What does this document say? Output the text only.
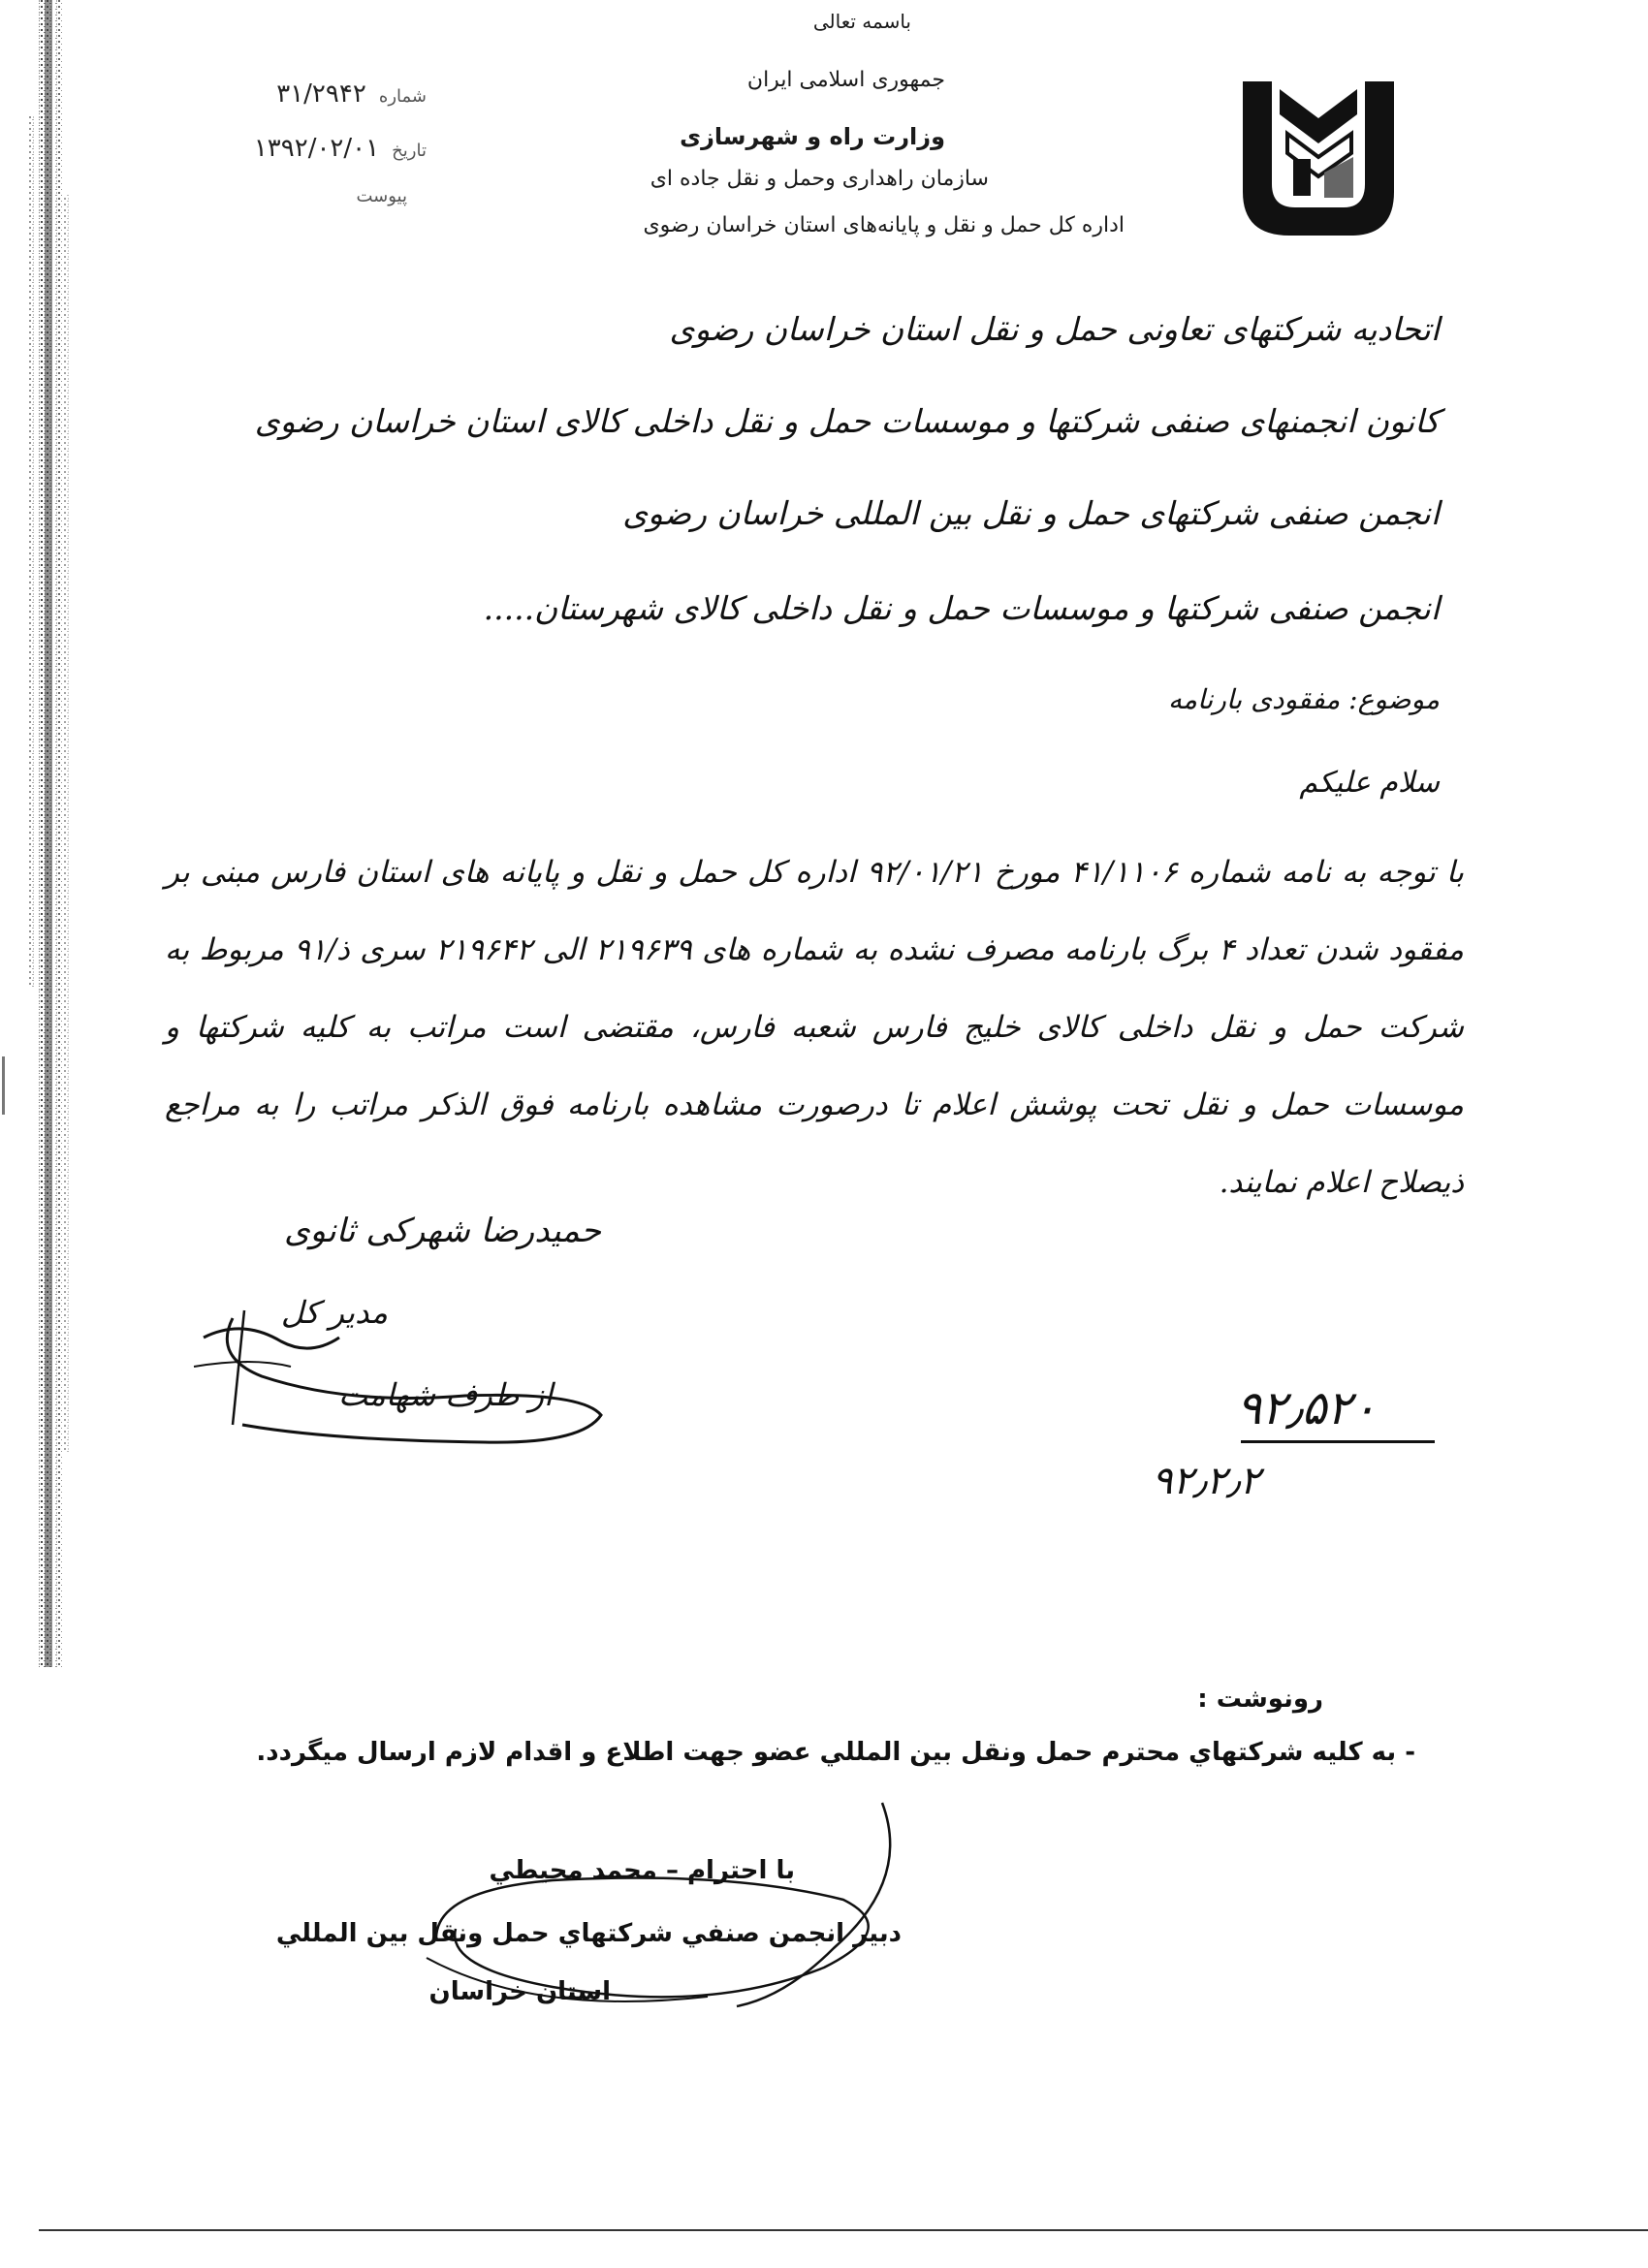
باسمه تعالی
جمهوری اسلامی ایران
وزارت راه و شهرسازی
سازمان راهداری وحمل و نقل جاده ای
اداره کل حمل و نقل و پایانه‌های استان خراسان رضوی
شماره ۳۱/۲۹۴۲
تاریخ ۱۳۹۲/۰۲/۰۱
پیوست
اتحادیه شرکتهای تعاونی حمل و نقل استان خراسان رضوی
کانون انجمنهای صنفی شرکتها و موسسات حمل و نقل داخلی کالای استان خراسان رضوی
انجمن صنفی شرکتهای حمل و نقل بین المللی خراسان رضوی
انجمن صنفی شرکتها و موسسات حمل و نقل داخلی کالای شهرستان.....
موضوع: مفقودی بارنامه
سلام علیکم
با توجه به نامه شماره ۴۱/۱۱۰۶ مورخ ۹۲/۰۱/۲۱ اداره کل حمل و نقل و پایانه های استان فارس مبنی بر مفقود شدن تعداد ۴ برگ بارنامه مصرف نشده به شماره های ۲۱۹۶۳۹ الی ۲۱۹۶۴۲ سری ذ/۹۱ مربوط به شرکت حمل و نقل داخلی کالای خلیج فارس شعبه فارس، مقتضی است مراتب به کلیه شرکتها و موسسات حمل و نقل تحت پوشش اعلام تا درصورت مشاهده بارنامه فوق الذکر مراتب را به مراجع ذیصلاح اعلام نمایند.
حمیدرضا شهرکی ثانوی
مدیر کل
از طرف شهامت	۹۲٫۵۲۰
۹۲٫۲٫۲
رونوشت :
- به کلیه شرکتهاي محترم حمل ونقل بین المللي عضو جهت اطلاع و اقدام لازم ارسال میگردد.
با احترام – محمد محیطي
دبیر انجمن صنفي شرکتهاي حمل ونقل بین المللي
استان خراسان
